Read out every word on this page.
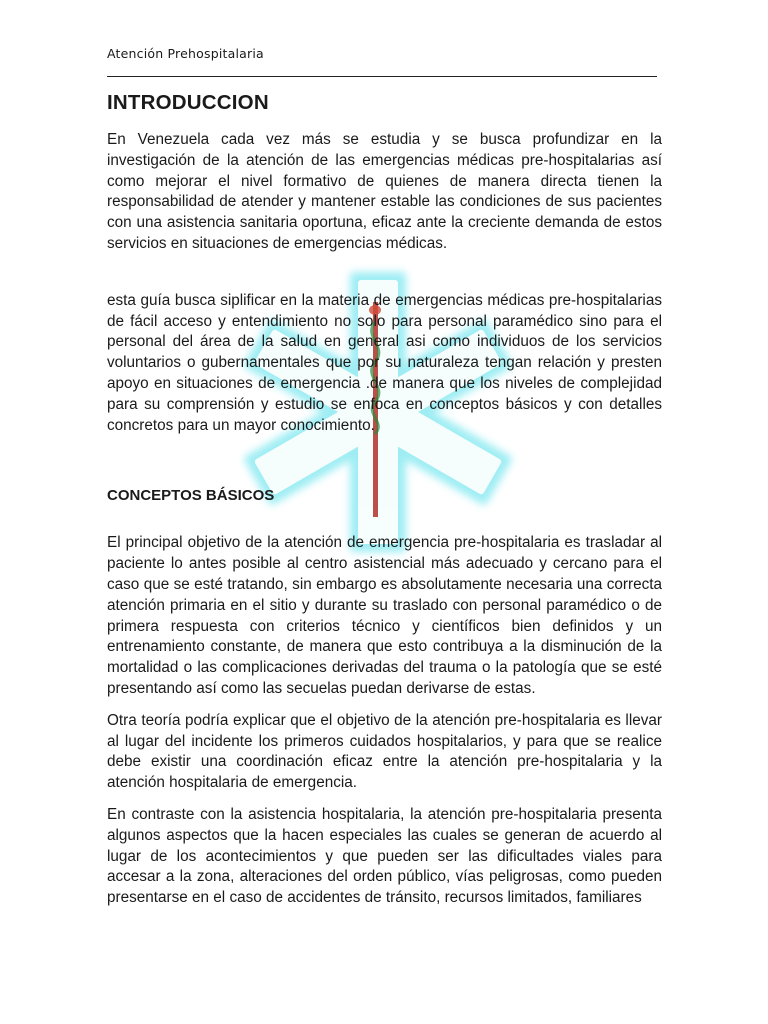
Atención Prehospitalaria
INTRODUCCION

En Venezuela cada vez más se estudia y se busca profundizar en la investigación de la atención de las emergencias médicas pre-hospitalarias así como mejorar el nivel formativo de quienes de manera directa tienen la responsabilidad de atender y mantener estable las condiciones de sus pacientes con una asistencia sanitaria oportuna, eficaz ante la creciente demanda de estos servicios en situaciones de emergencias médicas.

esta guía busca siplificar en la materia de emergencias médicas pre-hospitalarias de fácil acceso y entendimiento no solo para personal paramédico sino para el personal del área de la salud en general asi como individuos de los servicios voluntarios o gubernamentales que por su naturaleza tengan relación y presten apoyo en situaciones de emergencia .de manera que los niveles de complejidad para su comprensión y estudio se enfoca en conceptos básicos y con detalles concretos para un mayor conocimiento.

CONCEPTOS BÁSICOS

El principal objetivo de la atención de emergencia pre-hospitalaria es trasladar al paciente lo antes posible al centro asistencial más adecuado y cercano para el caso que se esté tratando, sin embargo es absolutamente necesaria una correcta atención primaria en el sitio y durante su traslado con personal paramédico o de primera respuesta con criterios técnico y científicos bien definidos y un entrenamiento constante, de manera que esto contribuya a la disminución de la mortalidad o las complicaciones derivadas del trauma o la patología que se esté presentando así como las secuelas puedan derivarse de estas.

Otra teoría podría explicar que el objetivo de la atención pre-hospitalaria es llevar al lugar del incidente los primeros cuidados hospitalarios, y para que se realice debe existir una coordinación eficaz entre la atención pre-hospitalaria y la atención hospitalaria de emergencia.

En contraste con la asistencia hospitalaria, la atención pre-hospitalaria presenta algunos aspectos que la hacen especiales las cuales se generan de acuerdo al lugar de los acontecimientos y que pueden ser las dificultades viales para accesar a la zona, alteraciones del orden público, vías peligrosas, como pueden presentarse en el caso de accidentes de tránsito, recursos limitados, familiares
